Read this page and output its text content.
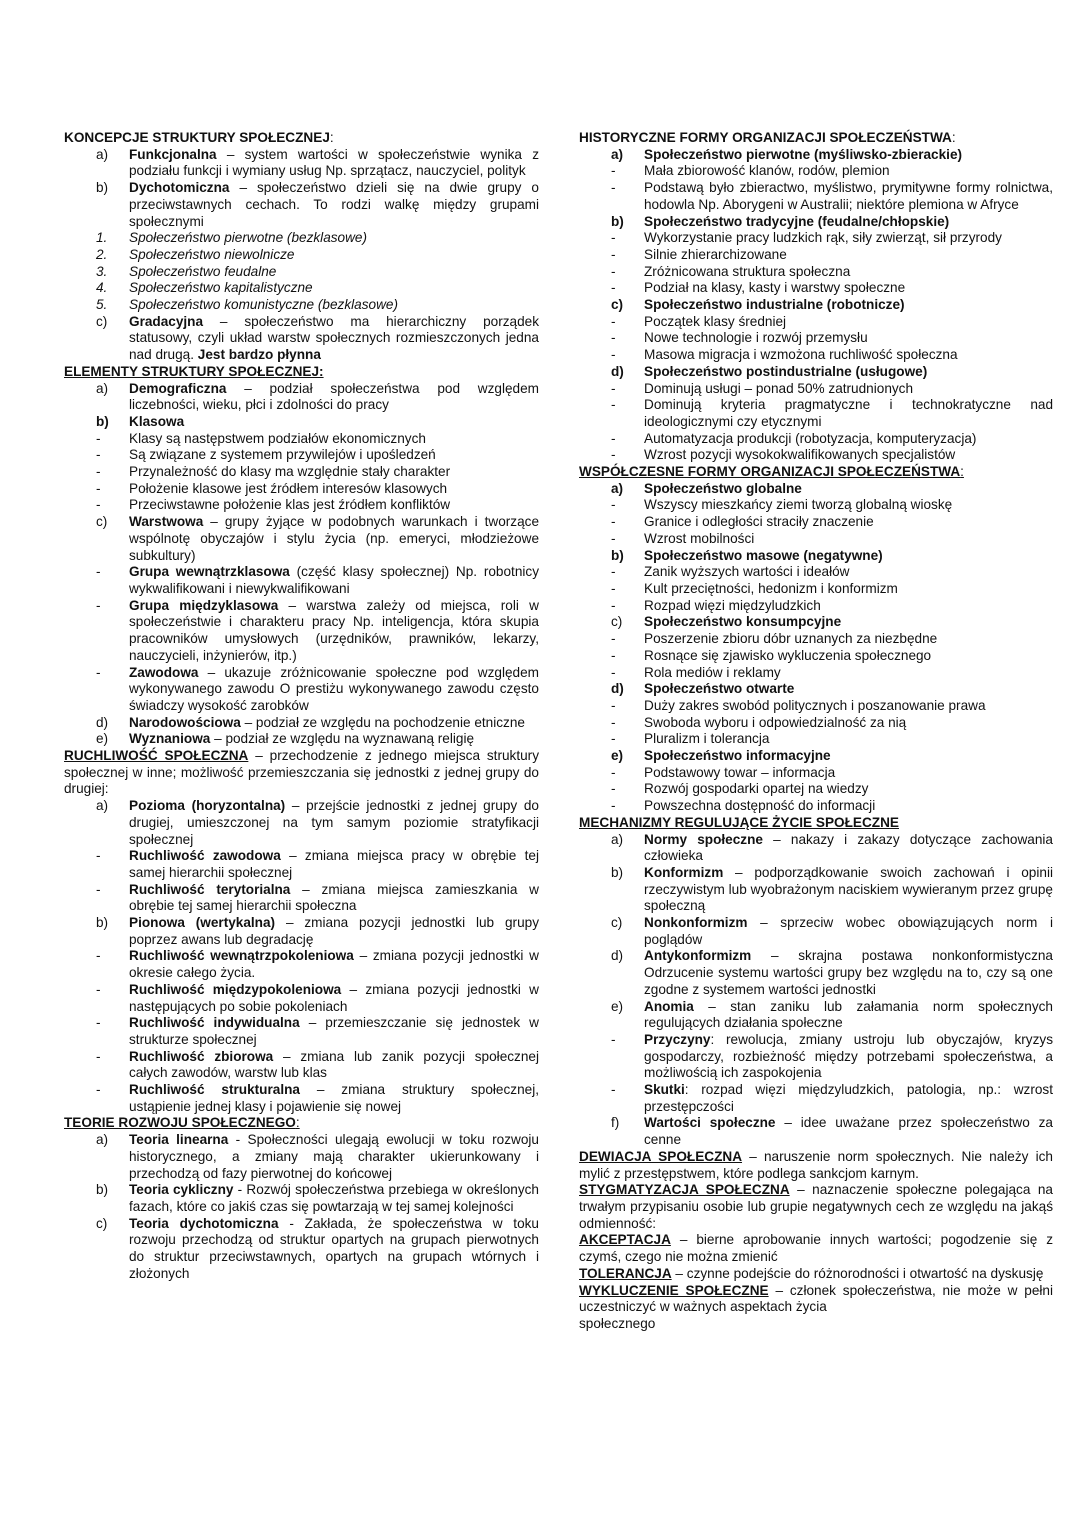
KONCEPCJE STRUKTURY SPOŁECZNEJ:
a)	Funkcjonalna – system wartości w społeczeństwie wynika z podziału funkcji i wymiany usług Np. sprzątacz, nauczyciel, polityk
b)	Dychotomiczna – społeczeństwo dzieli się na dwie grupy o przeciwstawnych cechach. To rodzi walkę między grupami społecznymi
1.	Społeczeństwo pierwotne (bezklasowe)
2.	Społeczeństwo niewolnicze
3.	Społeczeństwo feudalne
4.	Społeczeństwo kapitalistyczne
5.	Społeczeństwo komunistyczne (bezklasowe)
c)	Gradacyjna – społeczeństwo ma hierarchiczny porządek statusowy, czyli układ warstw społecznych rozmieszczonych jedna nad drugą. Jest bardzo płynna
ELEMENTY STRUKTURY SPOŁECZNEJ:
a)	Demograficzna – podział społeczeństwa pod względem liczebności, wieku, płci i zdolności do pracy
b)	Klasowa
-	Klasy są następstwem podziałów ekonomicznych
-	Są związane z systemem przywilejów i upośledzeń
-	Przynależność do klasy ma względnie stały charakter
-	Położenie klasowe jest źródłem interesów klasowych
-	Przeciwstawne położenie klas jest źródłem konfliktów
c)	Warstwowa – grupy żyjące w podobnych warunkach i tworzące wspólnotę obyczajów i stylu życia (np. emeryci, młodzieżowe subkultury)
-	Grupa wewnątrzklasowa (część klasy społecznej) Np. robotnicy wykwalifikowani i niewykwalifikowani
-	Grupa międzyklasowa – warstwa zależy od miejsca, roli w społeczeństwie i charakteru pracy Np. inteligencja, która skupia pracowników umysłowych (urzędników, prawników, lekarzy, nauczycieli, inżynierów, itp.)
-	Zawodowa – ukazuje zróżnicowanie społeczne pod względem wykonywanego zawodu O prestiżu wykonywanego zawodu często świadczy wysokość zarobków
d)	Narodowościowa – podział ze względu na pochodzenie etniczne
e)	Wyznaniowa – podział ze względu na wyznawaną religię
RUCHLIWOŚĆ SPOŁECZNA – przechodzenie z jednego miejsca struktury społecznej w inne; możliwość przemieszczania się jednostki z jednej grupy do drugiej:
a)	Pozioma (horyzontalna) – przejście jednostki z jednej grupy do drugiej, umieszczonej na tym samym poziomie stratyfikacji społecznej
-	Ruchliwość zawodowa – zmiana miejsca pracy w obrębie tej samej hierarchii społecznej
-	Ruchliwość terytorialna – zmiana miejsca zamieszkania w obrębie tej samej hierarchii społeczna
b)	Pionowa (wertykalna) – zmiana pozycji jednostki lub grupy poprzez awans lub degradację
-	Ruchliwość wewnątrzpokoleniowa – zmiana pozycji jednostki w okresie całego życia.
-	Ruchliwość międzypokoleniowa – zmiana pozycji jednostki w następujących po sobie pokoleniach
-	Ruchliwość indywidualna – przemieszczanie się jednostek w strukturze społecznej
-	Ruchliwość zbiorowa – zmiana lub zanik pozycji społecznej całych zawodów, warstw lub klas
-	Ruchliwość strukturalna – zmiana struktury społecznej, ustąpienie jednej klasy i pojawienie się nowej
TEORIE ROZWOJU SPOŁECZNEGO:
a)	Teoria linearna - Społeczności ulegają ewolucji w toku rozwoju historycznego, a zmiany mają charakter ukierunkowany i przechodzą od fazy pierwotnej do końcowej
b)	Teoria cykliczny - Rozwój społeczeństwa przebiega w określonych fazach, które co jakiś czas się powtarzają w tej samej kolejności
c)	Teoria dychotomiczna - Zakłada, że społeczeństwa w toku rozwoju przechodzą od struktur opartych na grupach pierwotnych do struktur przeciwstawnych, opartych na grupach wtórnych i złożonych
HISTORYCZNE FORMY ORGANIZACJI SPOŁECZEŃSTWA:
a)	Społeczeństwo pierwotne (myśliwsko-zbierackie)
-	Mała zbiorowość klanów, rodów, plemion
-	Podstawą było zbieractwo, myślistwo, prymitywne formy rolnictwa, hodowla Np. Aborygeni w Australii; niektóre plemiona w Afryce
b)	Społeczeństwo tradycyjne (feudalne/chłopskie)
-	Wykorzystanie pracy ludzkich rąk, siły zwierząt, sił przyrody
-	Silnie zhierarchizowane
-	Zróżnicowana struktura społeczna
-	Podział na klasy, kasty i warstwy społeczne
c)	Społeczeństwo industrialne (robotnicze)
-	Początek klasy średniej
-	Nowe technologie i rozwój przemysłu
-	Masowa migracja i wzmożona ruchliwość społeczna
d)	Społeczeństwo postindustrialne (usługowe)
-	Dominują usługi – ponad 50% zatrudnionych
-	Dominują kryteria pragmatyczne i technokratyczne nad ideologicznymi czy etycznymi
-	Automatyzacja produkcji (robotyzacja, komputeryzacja)
-	Wzrost pozycji wysokokwalifikowanych specjalistów
WSPÓŁCZESNE FORMY ORGANIZACJI SPOŁECZEŃSTWA:
a)	Społeczeństwo globalne
-	Wszyscy mieszkańcy ziemi tworzą globalną wioskę
-	Granice i odległości straciły znaczenie
-	Wzrost mobilności
b)	Społeczeństwo masowe (negatywne)
-	Zanik wyższych wartości i ideałów
-	Kult przeciętności, hedonizm i konformizm
-	Rozpad więzi międzyludzkich
c)	Społeczeństwo konsumpcyjne
-	Poszerzenie zbioru dóbr uznanych za niezbędne
-	Rosnące się zjawisko wykluczenia społecznego
-	Rola mediów i reklamy
d)	Społeczeństwo otwarte
-	Duży zakres swobód politycznych i poszanowanie prawa
-	Swoboda wyboru i odpowiedzialność za nią
-	Pluralizm i tolerancja
e)	Społeczeństwo informacyjne
-	Podstawowy towar – informacja
-	Rozwój gospodarki opartej na wiedzy
-	Powszechna dostępność do informacji
MECHANIZMY REGULUJĄCE ŻYCIE SPOŁECZNE
a)	Normy społeczne – nakazy i zakazy dotyczące zachowania człowieka
b)	Konformizm – podporządkowanie swoich zachowań i opinii rzeczywistym lub wyobrażonym naciskiem wywieranym przez grupę społeczną
c)	Nonkonformizm – sprzeciw wobec obowiązujących norm i poglądów
d)	Antykonformizm – skrajna postawa nonkonformistyczna Odrzucenie systemu wartości grupy bez względu na to, czy są one zgodne z systemem wartości jednostki
e)	Anomia – stan zaniku lub załamania norm społecznych regulujących działania społeczne
-	Przyczyny: rewolucja, zmiany ustroju lub obyczajów, kryzys gospodarczy, rozbieżność między potrzebami społeczeństwa, a możliwością ich zaspokojenia
-	Skutki: rozpad więzi międzyludzkich, patologia, np.: wzrost przestępczości
f)	Wartości społeczne – idee uważane przez społeczeństwo za cenne
DEWIACJA SPOŁECZNA – naruszenie norm społecznych. Nie należy ich mylić z przestępstwem, które podlega sankcjom karnym.
STYGMATYZACJA SPOŁECZNA – naznaczenie społeczne polegająca na trwałym przypisaniu osobie lub grupie negatywnych cech ze względu na jakąś odmienność:
AKCEPTACJA – bierne aprobowanie innych wartości; pogodzenie się z czymś, czego nie można zmienić
TOLERANCJA – czynne podejście do różnorodności i otwartość na dyskusję
WYKLUCZENIE SPOŁECZNE – członek społeczeństwa, nie może w pełni uczestniczyć w ważnych aspektach życia
społecznego
